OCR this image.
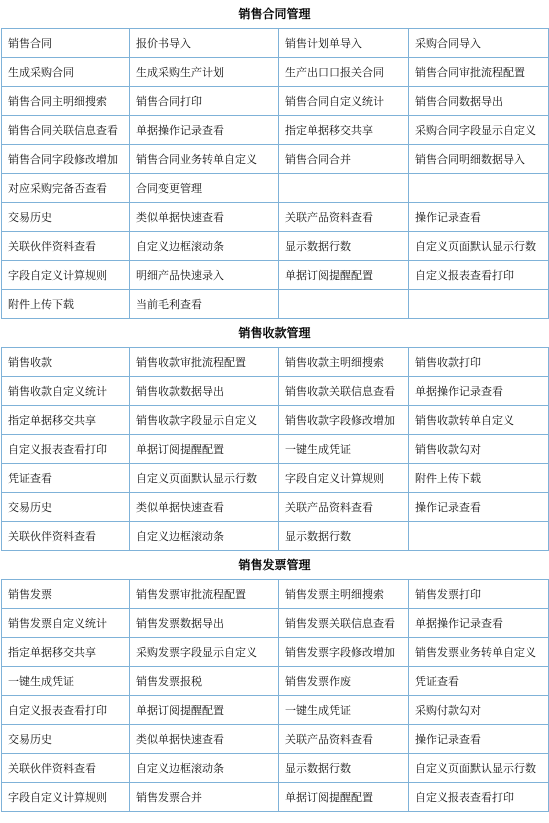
销售合同管理
销售合同	报价书导入	销售计划单导入	采购合同导入
生成采购合同	生成采购生产计划	生产出口口报关合同	销售合同审批流程配置
销售合同主明细搜索	销售合同打印	销售合同自定义统计	销售合同数据导出
销售合同关联信息查看	单据操作记录查看	指定单据移交共享	采购合同字段显示自定义
销售合同字段修改增加	销售合同业务转单自定义	销售合同合并	销售合同明细数据导入
对应采购完备否查看	合同变更管理		
交易历史	类似单据快速查看	关联产品资料查看	操作记录查看
关联伙伴资料查看	自定义边框滚动条	显示数据行数	自定义页面默认显示行数
字段自定义计算规则	明细产品快速录入	单据订阅提醒配置	自定义报表查看打印
附件上传下载	当前毛利查看		
销售收款管理
销售收款	销售收款审批流程配置	销售收款主明细搜索	销售收款打印
销售收款自定义统计	销售收款数据导出	销售收款关联信息查看	单据操作记录查看
指定单据移交共享	销售收款字段显示自定义	销售收款字段修改增加	销售收款转单自定义
自定义报表查看打印	单据订阅提醒配置	一键生成凭证	销售收款勾对
凭证查看	自定义页面默认显示行数	字段自定义计算规则	附件上传下载
交易历史	类似单据快速查看	关联产品资料查看	操作记录查看
关联伙伴资料查看	自定义边框滚动条	显示数据行数	
销售发票管理
销售发票	销售发票审批流程配置	销售发票主明细搜索	销售发票打印
销售发票自定义统计	销售发票数据导出	销售发票关联信息查看	单据操作记录查看
指定单据移交共享	采购发票字段显示自定义	销售发票字段修改增加	销售发票业务转单自定义
一键生成凭证	销售发票报税	销售发票作废	凭证查看
自定义报表查看打印	单据订阅提醒配置	一键生成凭证	采购付款勾对
交易历史	类似单据快速查看	关联产品资料查看	操作记录查看
关联伙伴资料查看	自定义边框滚动条	显示数据行数	自定义页面默认显示行数
字段自定义计算规则	销售发票合并	单据订阅提醒配置	自定义报表查看打印
